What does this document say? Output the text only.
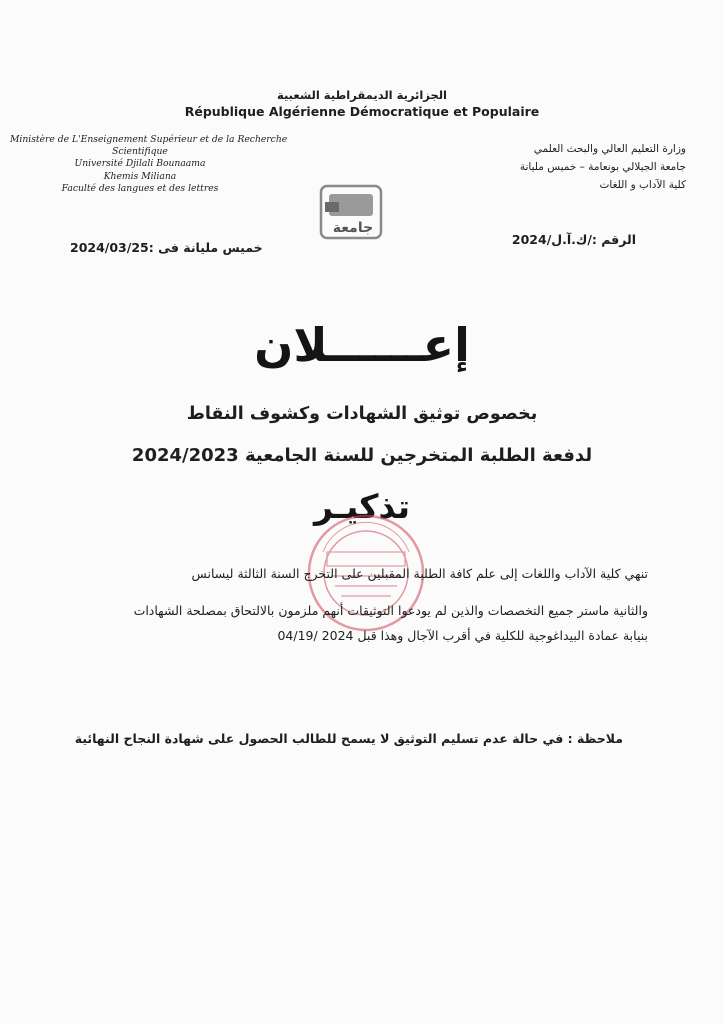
الجزائرية الديمقراطية الشعبية

République Algérienne Démocratique et Populaire

Ministère de L'Enseignement Supérieur et de la Recherche
Scientifique
Université Djilali Bounaama
Khemis Miliana
Faculté des langues et des lettres
وزارة التعليم العالي والبحث العلمي
جامعة الجيلالي بونعامة – خميس مليانة
كلية الآداب و اللغات
جامعة

خميس مليانة فى :2024/03/25

الرقم :/ك.آ.ل/2024

إعــــــلان

بخصوص توثيق الشهادات وكشوف النقاط

لدفعة الطلبة المتخرجين للسنة الجامعية 2024/2023

تذكيـر

تنهي كلية الآداب واللغات إلى علم كافة الطلبة المقبلين على التخرج السنة الثالثة ليسانس

والثانية ماستر جميع التخصصات والذين لم يودعوا التوثيقات أنهم ملزمون بالالتحاق بمصلحة الشهادات

بنيابة عمادة البيداغوجية للكلية في أقرب الآجال وهذا قبل 2024 /04/19

ملاحظة : في حالة عدم تسليم التوثيق لا يسمح للطالب الحصول على شهادة النجاح النهائية
